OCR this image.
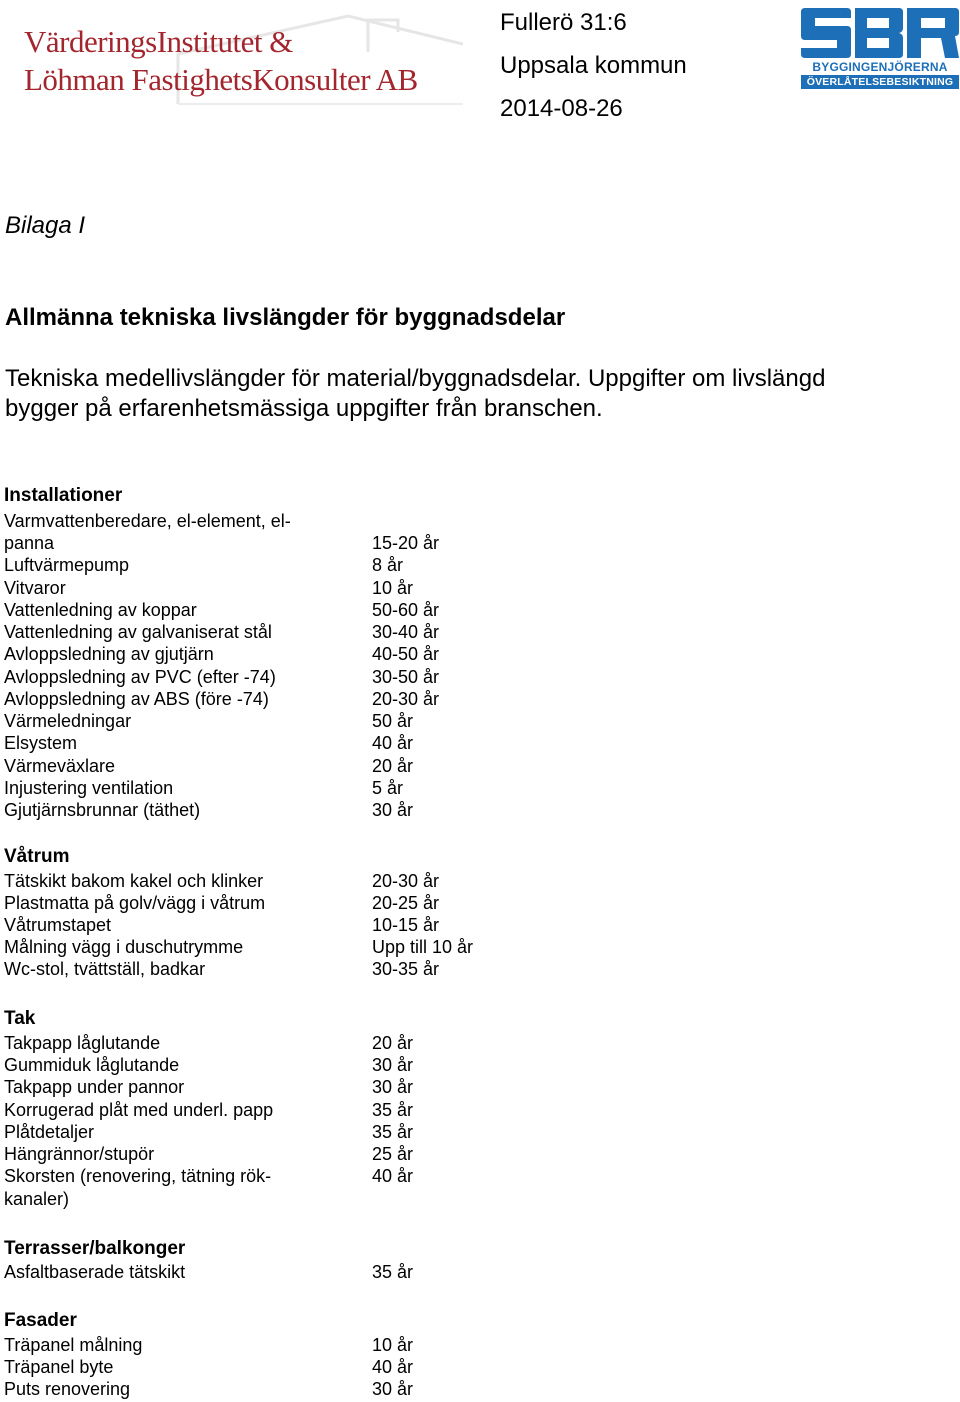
VärderingsInstitutet &
Löhman FastighetsKonsulter AB
Fullerö 31:6
Uppsala kommun
2014-08-26
BYGGINGENJÖRERNA
ÖVERLÅTELSEBESIKTNING
Bilaga I
Allmänna tekniska livslängder för byggnadsdelar
Tekniska medellivslängder för material/byggnadsdelar. Uppgifter om livslängd
bygger på erfarenhetsmässiga uppgifter från branschen.
Installationer
Varmvattenberedare, el-element, el-
panna	15-20 år
Luftvärmepump	8 år
Vitvaror	10 år
Vattenledning av koppar	50-60 år
Vattenledning av galvaniserat stål	30-40 år
Avloppsledning av gjutjärn	40-50 år
Avloppsledning av PVC (efter -74)	30-50 år
Avloppsledning av ABS (före -74)	20-30 år
Värmeledningar	50 år
Elsystem	40 år
Värmeväxlare	20 år
Injustering ventilation	5 år
Gjutjärnsbrunnar (täthet)	30 år
Våtrum
Tätskikt bakom kakel och klinker	20-30 år
Plastmatta på golv/vägg i våtrum	20-25 år
Våtrumstapet	10-15 år
Målning vägg i duschutrymme	Upp till 10 år
Wc-stol, tvättställ, badkar	30-35 år
Tak
Takpapp låglutande	20 år
Gummiduk låglutande	30 år
Takpapp under pannor	30 år
Korrugerad plåt med underl. papp	35 år
Plåtdetaljer	35 år
Hängrännor/stupör	25 år
Skorsten (renovering, tätning rök-	40 år
kanaler)
Terrasser/balkonger
Asfaltbaserade tätskikt	35 år
Fasader
Träpanel målning	10 år
Träpanel byte	40 år
Puts renovering	30 år
